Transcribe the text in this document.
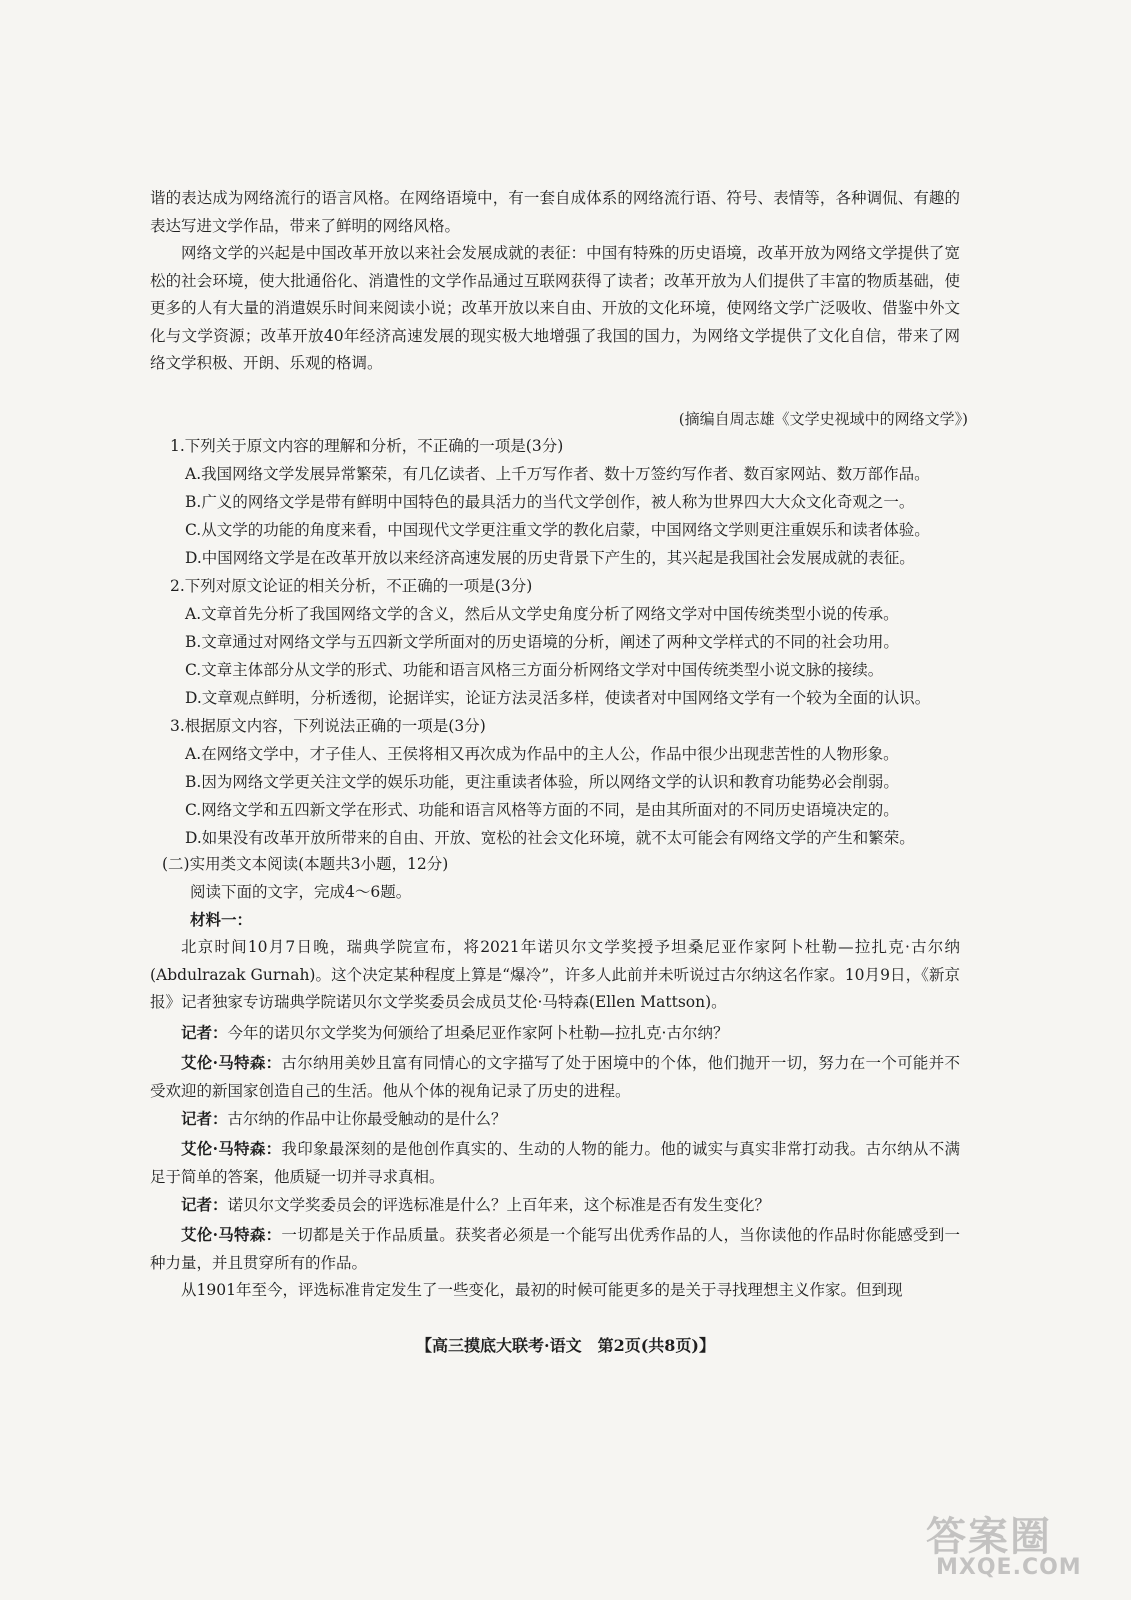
谐的表达成为网络流行的语言风格。在网络语境中，有一套自成体系的网络流行语、符号、表情等，各种调侃、有趣的表达写进文学作品，带来了鲜明的网络风格。

网络文学的兴起是中国改革开放以来社会发展成就的表征：中国有特殊的历史语境，改革开放为网络文学提供了宽松的社会环境，使大批通俗化、消遣性的文学作品通过互联网获得了读者；改革开放为人们提供了丰富的物质基础，使更多的人有大量的消遣娱乐时间来阅读小说；改革开放以来自由、开放的文化环境，使网络文学广泛吸收、借鉴中外文化与文学资源；改革开放40年经济高速发展的现实极大地增强了我国的国力，为网络文学提供了文化自信，带来了网络文学积极、开朗、乐观的格调。

(摘编自周志雄《文学史视域中的网络文学》)

1.下列关于原文内容的理解和分析，不正确的一项是(3分)

A.我国网络文学发展异常繁荣，有几亿读者、上千万写作者、数十万签约写作者、数百家网站、数万部作品。

B.广义的网络文学是带有鲜明中国特色的最具活力的当代文学创作，被人称为世界四大大众文化奇观之一。

C.从文学的功能的角度来看，中国现代文学更注重文学的教化启蒙，中国网络文学则更注重娱乐和读者体验。

D.中国网络文学是在改革开放以来经济高速发展的历史背景下产生的，其兴起是我国社会发展成就的表征。

2.下列对原文论证的相关分析，不正确的一项是(3分)

A.文章首先分析了我国网络文学的含义，然后从文学史角度分析了网络文学对中国传统类型小说的传承。

B.文章通过对网络文学与五四新文学所面对的历史语境的分析，阐述了两种文学样式的不同的社会功用。

C.文章主体部分从文学的形式、功能和语言风格三方面分析网络文学对中国传统类型小说文脉的接续。

D.文章观点鲜明，分析透彻，论据详实，论证方法灵活多样，使读者对中国网络文学有一个较为全面的认识。

3.根据原文内容，下列说法正确的一项是(3分)

A.在网络文学中，才子佳人、王侯将相又再次成为作品中的主人公，作品中很少出现悲苦性的人物形象。

B.因为网络文学更关注文学的娱乐功能，更注重读者体验，所以网络文学的认识和教育功能势必会削弱。

C.网络文学和五四新文学在形式、功能和语言风格等方面的不同，是由其所面对的不同历史语境决定的。

D.如果没有改革开放所带来的自由、开放、宽松的社会文化环境，就不太可能会有网络文学的产生和繁荣。

(二)实用类文本阅读(本题共3小题，12分)

阅读下面的文字，完成4～6题。

材料一：

北京时间10月7日晚，瑞典学院宣布，将2021年诺贝尔文学奖授予坦桑尼亚作家阿卜杜勒—拉扎克·古尔纳(Abdulrazak Gurnah)。这个决定某种程度上算是“爆冷”，许多人此前并未听说过古尔纳这名作家。10月9日，《新京报》记者独家专访瑞典学院诺贝尔文学奖委员会成员艾伦·马特森(Ellen Mattson)。

记者：今年的诺贝尔文学奖为何颁给了坦桑尼亚作家阿卜杜勒—拉扎克·古尔纳？

艾伦·马特森：古尔纳用美妙且富有同情心的文字描写了处于困境中的个体，他们抛开一切，努力在一个可能并不受欢迎的新国家创造自己的生活。他从个体的视角记录了历史的进程。

记者：古尔纳的作品中让你最受触动的是什么？

艾伦·马特森：我印象最深刻的是他创作真实的、生动的人物的能力。他的诚实与真实非常打动我。古尔纳从不满足于简单的答案，他质疑一切并寻求真相。

记者：诺贝尔文学奖委员会的评选标准是什么？上百年来，这个标准是否有发生变化？

艾伦·马特森：一切都是关于作品质量。获奖者必须是一个能写出优秀作品的人，当你读他的作品时你能感受到一种力量，并且贯穿所有的作品。

从1901年至今，评选标准肯定发生了一些变化，最初的时候可能更多的是关于寻找理想主义作家。但到现

【高三摸底大联考·语文　第2页(共8页)】
答案圈
MXQE.COM
